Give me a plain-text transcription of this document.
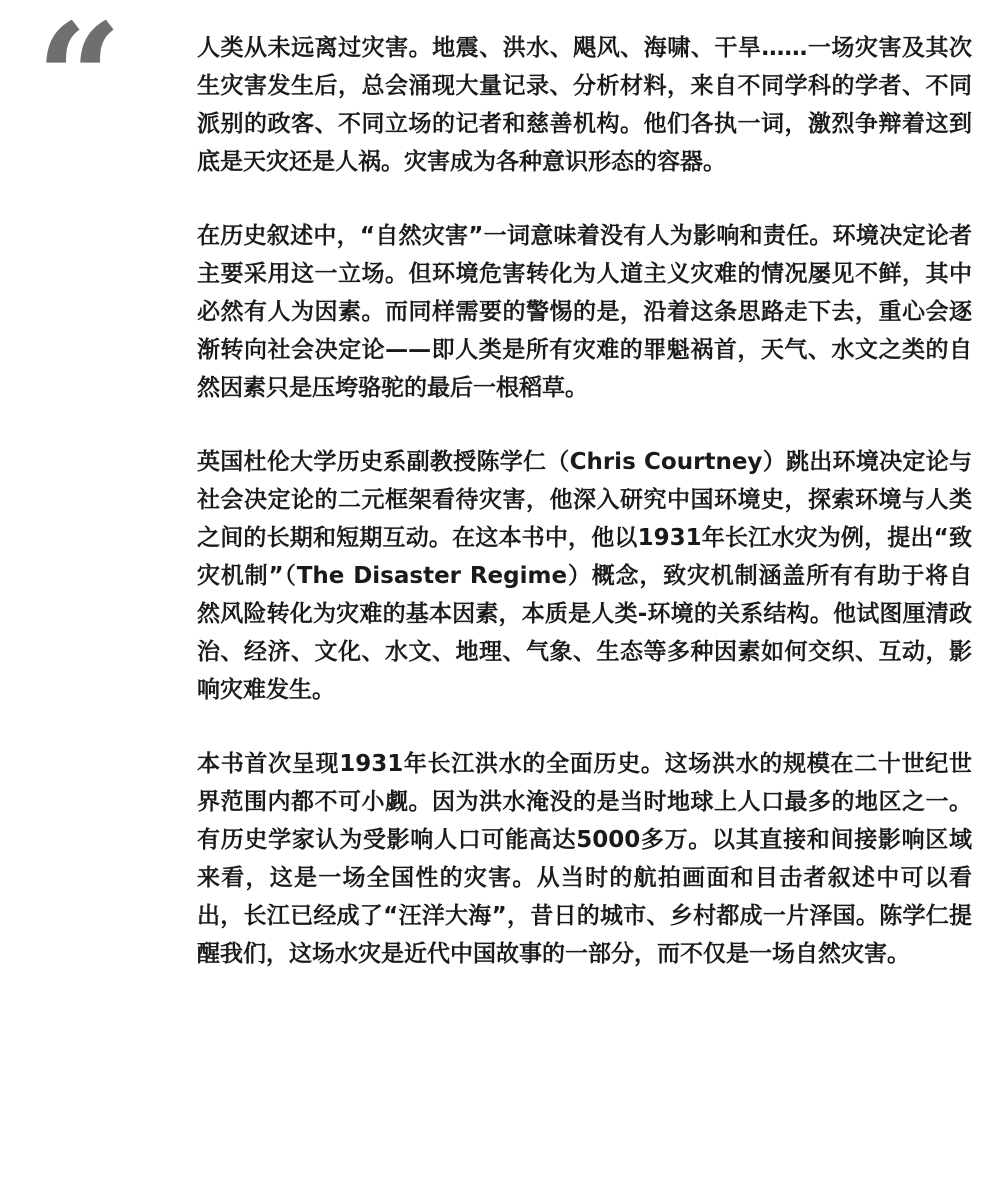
“	人类从未远离过灾害。地震、洪水、飓风、海啸、干旱……一场灾害及其次生灾害发生后，总会涌现大量记录、分析材料，来自不同学科的学者、不同派别的政客、不同立场的记者和慈善机构。他们各执一词，激烈争辩着这到底是天灾还是人祸。灾害成为各种意识形态的容器。

在历史叙述中，“自然灾害”一词意味着没有人为影响和责任。环境决定论者主要采用这一立场。但环境危害转化为人道主义灾难的情况屡见不鲜，其中必然有人为因素。而同样需要的警惕的是，沿着这条思路走下去，重心会逐渐转向社会决定论——即人类是所有灾难的罪魁祸首，天气、水文之类的自然因素只是压垮骆驼的最后一根稻草。

英国杜伦大学历史系副教授陈学仁（Chris Courtney）跳出环境决定论与社会决定论的二元框架看待灾害，他深入研究中国环境史，探索环境与人类之间的长期和短期互动。在这本书中，他以1931年长江水灾为例，提出“致灾机制”（The Disaster Regime）概念，致灾机制涵盖所有有助于将自然风险转化为灾难的基本因素，本质是人类-环境的关系结构。他试图厘清政治、经济、文化、水文、地理、气象、生态等多种因素如何交织、互动，影响灾难发生。

本书首次呈现1931年长江洪水的全面历史。这场洪水的规模在二十世纪世界范围内都不可小觑。因为洪水淹没的是当时地球上人口最多的地区之一。有历史学家认为受影响人口可能高达5000多万。以其直接和间接影响区域来看，这是一场全国性的灾害。从当时的航拍画面和目击者叙述中可以看出，长江已经成了“汪洋大海”，昔日的城市、乡村都成一片泽国。陈学仁提醒我们，这场水灾是近代中国故事的一部分，而不仅是一场自然灾害。
